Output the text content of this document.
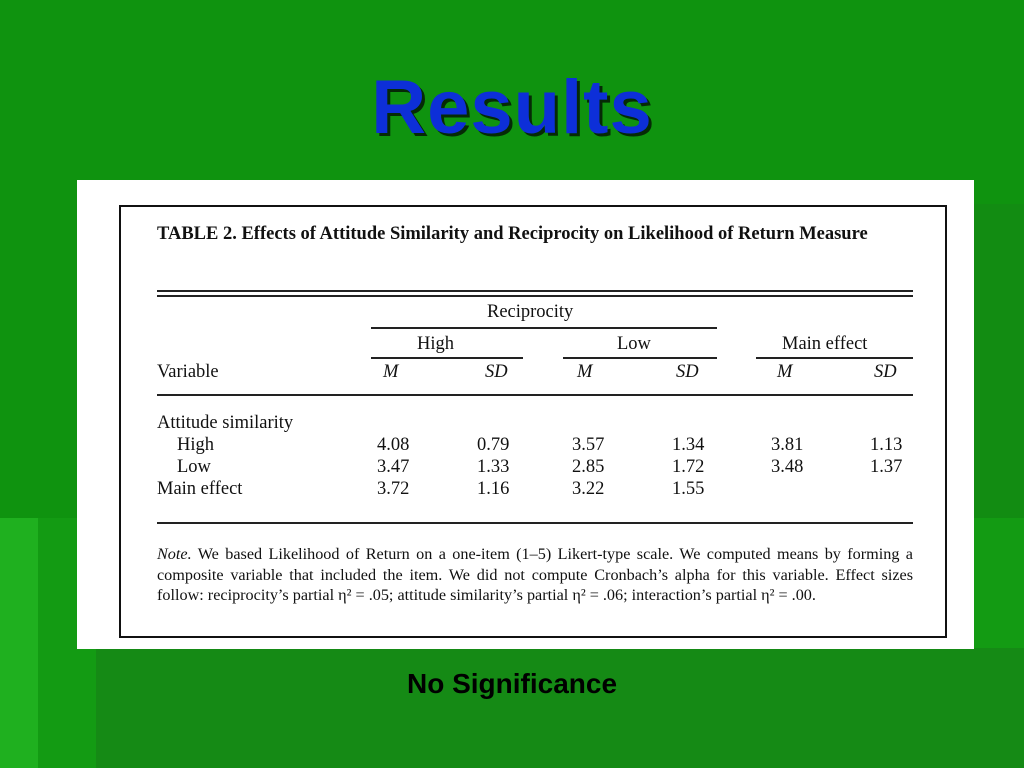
Results
TABLE 2. Effects of Attitude Similarity and Reciprocity on Likelihood of Return Measure
Reciprocity
High	Low	Main effect
Variable	M	SD	M	SD	M	SD
Attitude similarity
High	4.08	0.79	3.57	1.34	3.81	1.13
Low	3.47	1.33	2.85	1.72	3.48	1.37
Main effect	3.72	1.16	3.22	1.55
Note. We based Likelihood of Return on a one-item (1–5) Likert-type scale. We computed means by forming a composite variable that included the item. We did not compute Cronbach’s alpha for this variable. Effect sizes follow: reciprocity’s partial η² = .05; attitude similarity’s partial η² = .06; interaction’s partial η² = .00.
No Significance
